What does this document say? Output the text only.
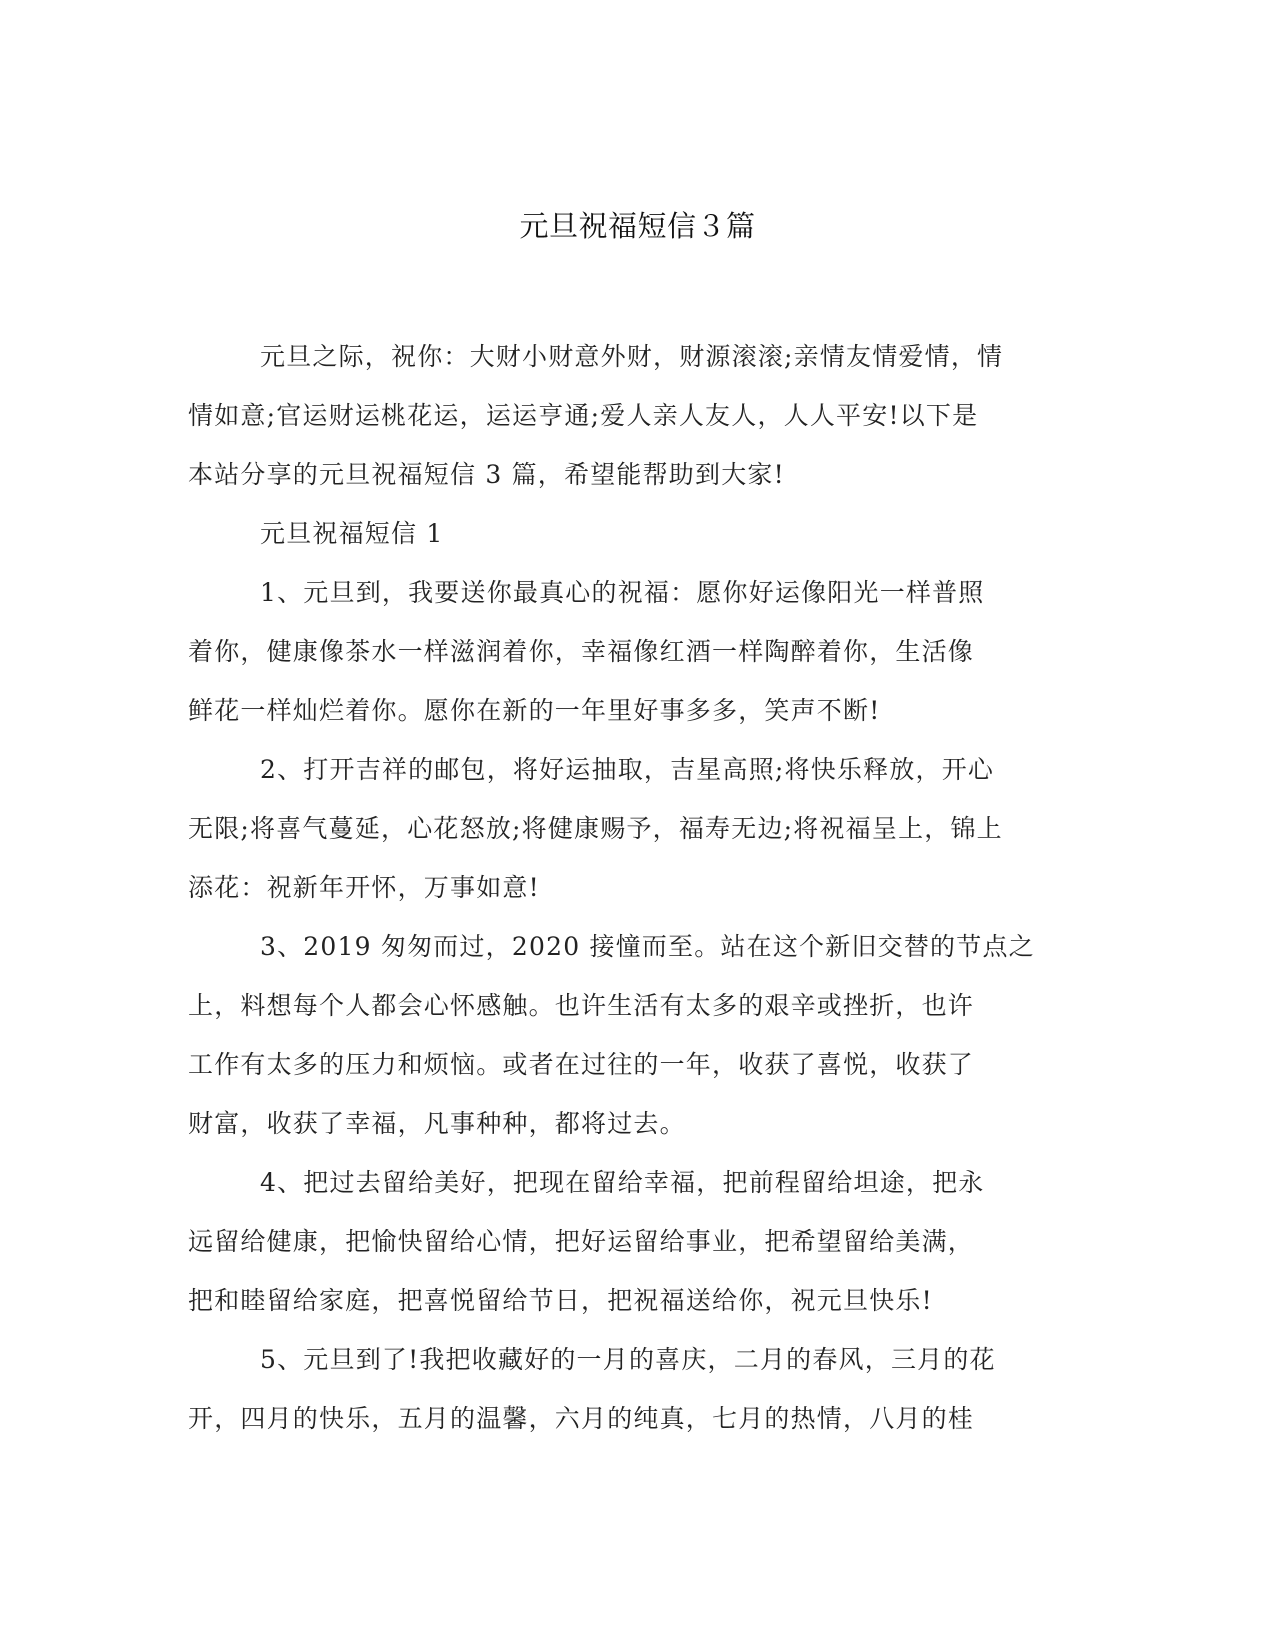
元旦祝福短信３篇
元旦之际，祝你：大财小财意外财，财源滚滚;亲情友情爱情，情
情如意;官运财运桃花运，运运亨通;爱人亲人友人，人人平安!以下是
本站分享的元旦祝福短信 3 篇，希望能帮助到大家!
元旦祝福短信 1
1、元旦到，我要送你最真心的祝福：愿你好运像阳光一样普照
着你，健康像茶水一样滋润着你，幸福像红酒一样陶醉着你，生活像
鲜花一样灿烂着你。愿你在新的一年里好事多多，笑声不断!
2、打开吉祥的邮包，将好运抽取，吉星高照;将快乐释放，开心
无限;将喜气蔓延，心花怒放;将健康赐予，福寿无边;将祝福呈上，锦上
添花：祝新年开怀，万事如意!
3、2019 匆匆而过，2020 接憧而至。站在这个新旧交替的节点之
上，料想每个人都会心怀感触。也许生活有太多的艰辛或挫折，也许
工作有太多的压力和烦恼。或者在过往的一年，收获了喜悦，收获了
财富，收获了幸福，凡事种种，都将过去。
4、把过去留给美好，把现在留给幸福，把前程留给坦途，把永
远留给健康，把愉快留给心情，把好运留给事业，把希望留给美满，
把和睦留给家庭，把喜悦留给节日，把祝福送给你，祝元旦快乐!
5、元旦到了!我把收藏好的一月的喜庆，二月的春风，三月的花
开，四月的快乐，五月的温馨，六月的纯真，七月的热情，八月的桂
